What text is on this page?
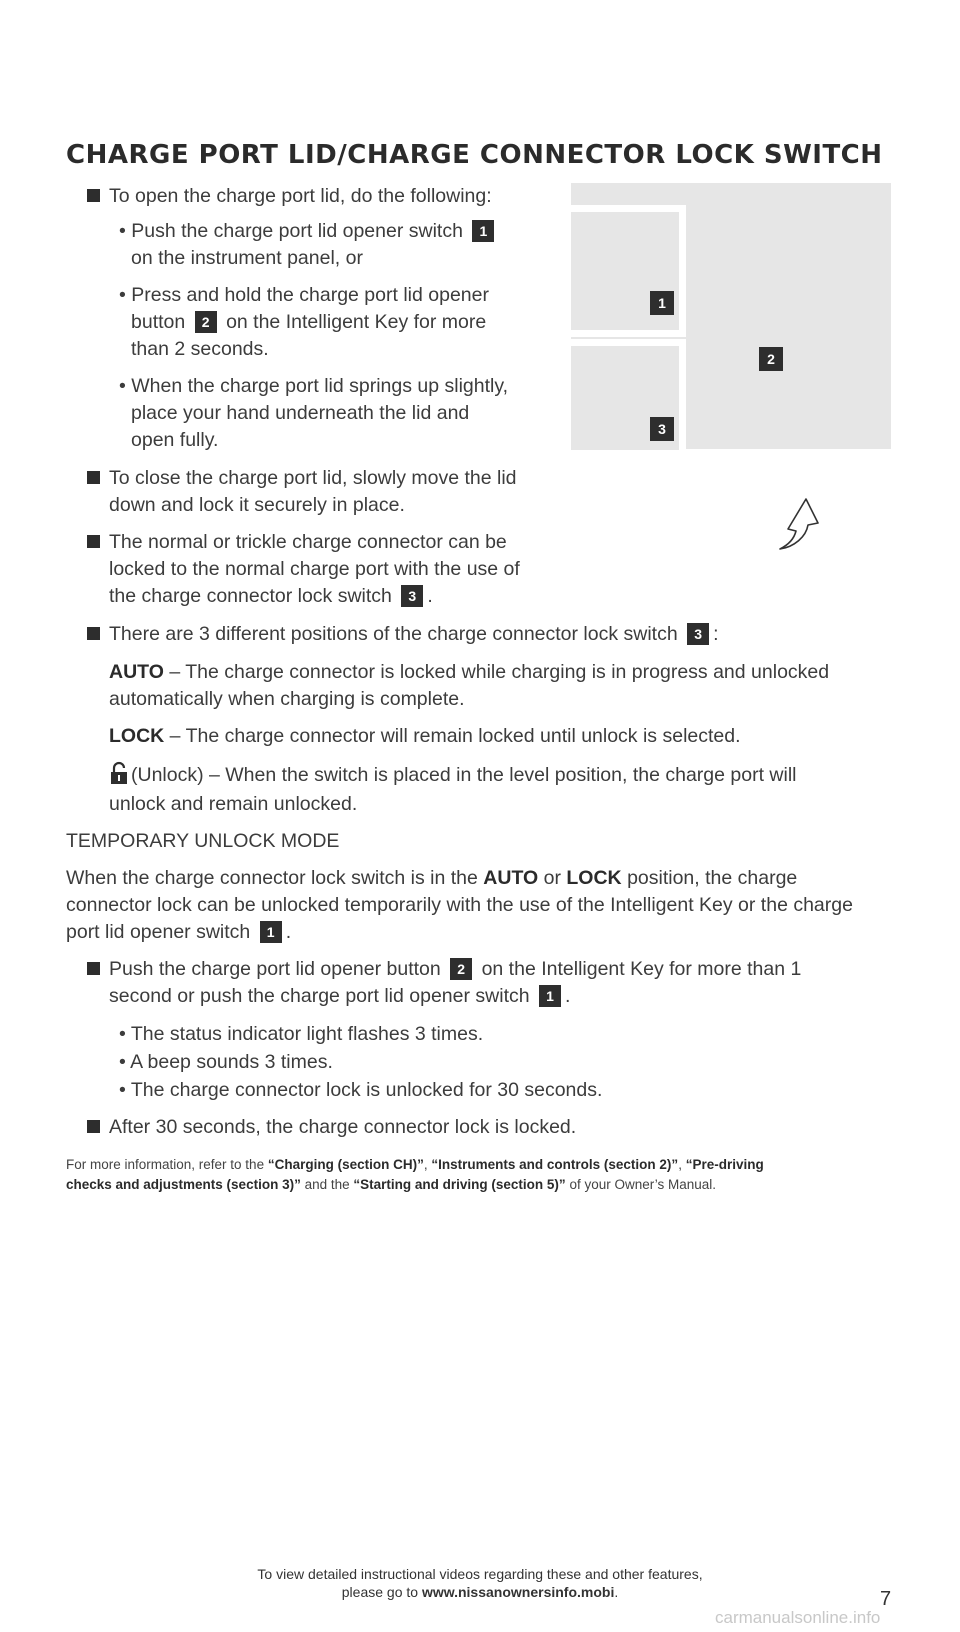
CHARGE PORT LID/CHARGE CONNECTOR LOCK SWITCH
1
2
3
To open the charge port lid, do the following:
• Push the charge port lid opener switch 1
on the instrument panel, or
• Press and hold the charge port lid opener
button 2 on the Intelligent Key for more
than 2 seconds.
• When the charge port lid springs up slightly,
place your hand underneath the lid and
open fully.
To close the charge port lid, slowly move the lid
down and lock it securely in place.
The normal or trickle charge connector can be
locked to the normal charge port with the use of
the charge connector lock switch 3 .
There are 3 different positions of the charge connector lock switch 3 :
AUTO – The charge connector is locked while charging is in progress and unlocked
automatically when charging is complete.
LOCK – The charge connector will remain locked until unlock is selected.
(Unlock) – When the switch is placed in the level position, the charge port will
unlock and remain unlocked.
TEMPORARY UNLOCK MODE
When the charge connector lock switch is in the AUTO or LOCK position, the charge
connector lock can be unlocked temporarily with the use of the Intelligent Key or the charge
port lid opener switch 1 .
Push the charge port lid opener button 2 on the Intelligent Key for more than 1
second or push the charge port lid opener switch 1 .
• The status indicator light flashes 3 times.
• A beep sounds 3 times.
• The charge connector lock is unlocked for 30 seconds.
After 30 seconds, the charge connector lock is locked.
For more information, refer to the “Charging (section CH)”, “Instruments and controls (section 2)”, “Pre-driving
checks and adjustments (section 3)” and the “Starting and driving (section 5)” of your Owner’s Manual.
To view detailed instructional videos regarding these and other features,
please go to www.nissanownersinfo.mobi.	7
carmanualsonline.info
